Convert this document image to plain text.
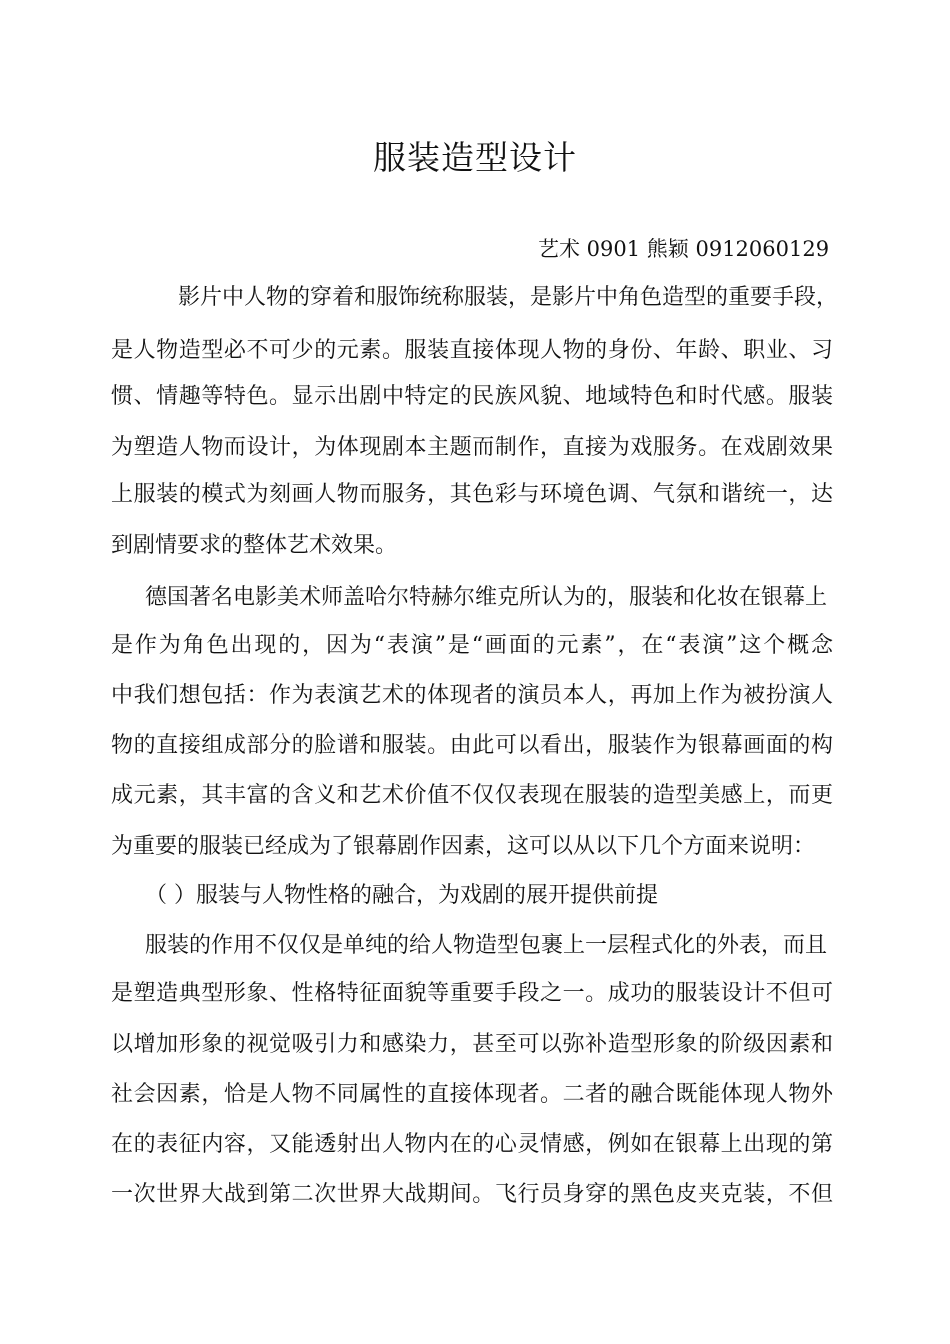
服装造型设计
艺术 0901 熊颖 0912060129
影片中人物的穿着和服饰统称服装，是影片中角色造型的重要手段，
是人物造型必不可少的元素。服装直接体现人物的身份、年龄、职业、习
惯、情趣等特色。显示出剧中特定的民族风貌、地域特色和时代感。服装
为塑造人物而设计，为体现剧本主题而制作，直接为戏服务。在戏剧效果
上服装的模式为刻画人物而服务，其色彩与环境色调、气氛和谐统一，达
到剧情要求的整体艺术效果。
德国著名电影美术师盖哈尔特赫尔维克所认为的，服装和化妆在银幕上
是作为角色出现的，因为“表演”是“画面的元素”，在“表演”这个概念
中我们想包括：作为表演艺术的体现者的演员本人，再加上作为被扮演人
物的直接组成部分的脸谱和服装。由此可以看出，服装作为银幕画面的构
成元素，其丰富的含义和艺术价值不仅仅表现在服装的造型美感上，而更
为重要的服装已经成为了银幕剧作因素，这可以从以下几个方面来说明：
（ ）服装与人物性格的融合，为戏剧的展开提供前提
服装的作用不仅仅是单纯的给人物造型包裹上一层程式化的外表，而且
是塑造典型形象、性格特征面貌等重要手段之一。成功的服装设计不但可
以增加形象的视觉吸引力和感染力，甚至可以弥补造型形象的阶级因素和
社会因素，恰是人物不同属性的直接体现者。二者的融合既能体现人物外
在的表征内容，又能透射出人物内在的心灵情感，例如在银幕上出现的第
一次世界大战到第二次世界大战期间。飞行员身穿的黑色皮夹克装，不但
